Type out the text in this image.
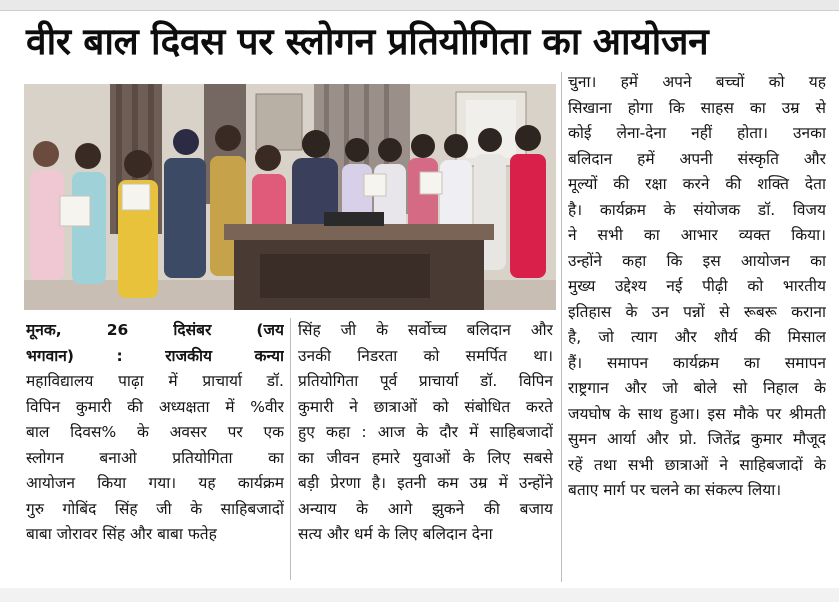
वीर बाल दिवस पर स्लोगन प्रतियोगिता का आयोजन
मूनक, 26 दिसंबर (जय
भगवान) : राजकीय कन्या
महाविद्यालय पाढ़ा में प्राचार्या डॉ.
विपिन कुमारी की अध्यक्षता में %वीर
बाल दिवस% के अवसर पर एक
स्लोगन बनाओ प्रतियोगिता का
आयोजन किया गया। यह कार्यक्रम
गुरु गोबिंद सिंह जी के साहिबजादों
बाबा जोरावर सिंह और बाबा फतेह
सिंह जी के सर्वोच्च बलिदान और
उनकी निडरता को समर्पित था।
प्रतियोगिता पूर्व प्राचार्या डॉ. विपिन
कुमारी ने छात्राओं को संबोधित करते
हुए कहा : आज के दौर में साहिबजादों
का जीवन हमारे युवाओं के लिए सबसे
बड़ी प्रेरणा है। इतनी कम उम्र में उन्होंने
अन्याय के आगे झुकने की बजाय
सत्य और धर्म के लिए बलिदान देना
चुना। हमें अपने बच्चों को यह
सिखाना होगा कि साहस का उम्र से
कोई लेना-देना नहीं होता। उनका
बलिदान हमें अपनी संस्कृति और
मूल्यों की रक्षा करने की शक्ति देता
है। कार्यक्रम के संयोजक डॉ. विजय
ने सभी का आभार व्यक्त किया।
उन्होंने कहा कि इस आयोजन का
मुख्य उद्देश्य नई पीढ़ी को भारतीय
इतिहास के उन पन्नों से रूबरू कराना
है, जो त्याग और शौर्य की मिसाल
हैं। समापन कार्यक्रम का समापन
राष्ट्रगान और जो बोले सो निहाल के
जयघोष के साथ हुआ। इस मौके पर श्रीमती
सुमन आर्या और प्रो. जितेंद्र कुमार मौजूद
रहें तथा सभी छात्राओं ने साहिबजादों के
बताए मार्ग पर चलने का संकल्प लिया।
